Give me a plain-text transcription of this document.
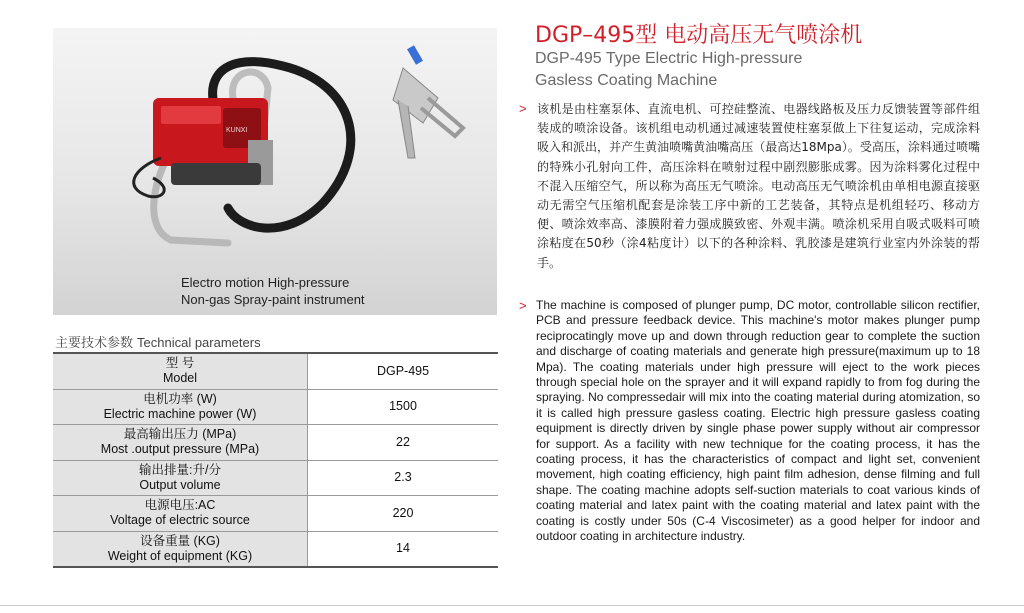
KUNXI
Electro motion High-pressure
Non-gas Spray-paint instrument
主要技术参数 Technical parameters
型 号
Model	DGP-495

电机功率 (W)
Electric machine power (W)	1500

最高输出压力 (MPa)
Most .output pressure (MPa)	22

输出排量:升/分
Output volume	2.3

电源电压:AC
Voltage of electric source	220

设备重量 (KG)
Weight of equipment (KG)	14
DGP–495型 电动高压无气喷涂机
DGP-495 Type Electric High-pressure
Gasless Coating Machine
> 该机是由柱塞泵体、直流电机、可控硅整流、电器线路板及压力反馈装置等部件组装成的喷涂设备。该机组电动机通过减速装置使柱塞泵做上下往复运动，完成涂料吸入和派出，并产生黄油喷嘴黄油嘴高压（最高达18Mpa）。受高压，涂料通过喷嘴的特殊小孔射向工件，高压涂料在喷射过程中剧烈膨胀成雾。因为涂料雾化过程中不混入压缩空气，所以称为高压无气喷涂。电动高压无气喷涂机由单相电源直接驱动无需空气压缩机配套是涂装工序中新的工艺装备，其特点是机组轻巧、移动方便、喷涂效率高、漆膜附着力强成膜致密、外观丰满。喷涂机采用自吸式吸料可喷涂粘度在50秒（涂4粘度计）以下的各种涂料、乳胶漆是建筑行业室内外涂装的帮手。
> The machine is composed of plunger pump, DC motor, controllable silicon rectifier, PCB and pressure feedback device. This machine's motor makes plunger pump reciprocatingly move up and down through reduction gear to complete the suction and discharge of coating materials and generate high pressure(maximum up to 18 Mpa). The coating materials under high pressure will eject to the work pieces through special hole on the sprayer and it will expand rapidly to from fog during the spraying. No compressedair will mix into the coating material during atomization, so it is called high pressure gasless coating. Electric high pressure gasless coating equipment is directly driven by single phase power supply without air compressor for support. As a facility with new technique for the coating process, it has the coating process, it has the characteristics of compact and light set, convenient movement, high coating efficiency, high paint film adhesion, dense filming and full shape. The coating machine adopts self-suction materials to coat various kinds of coating material and latex paint with the coating material and latex paint with the coating is costly under 50s (C-4 Viscosimeter) as a good helper for indoor and outdoor coating in architecture industry.
